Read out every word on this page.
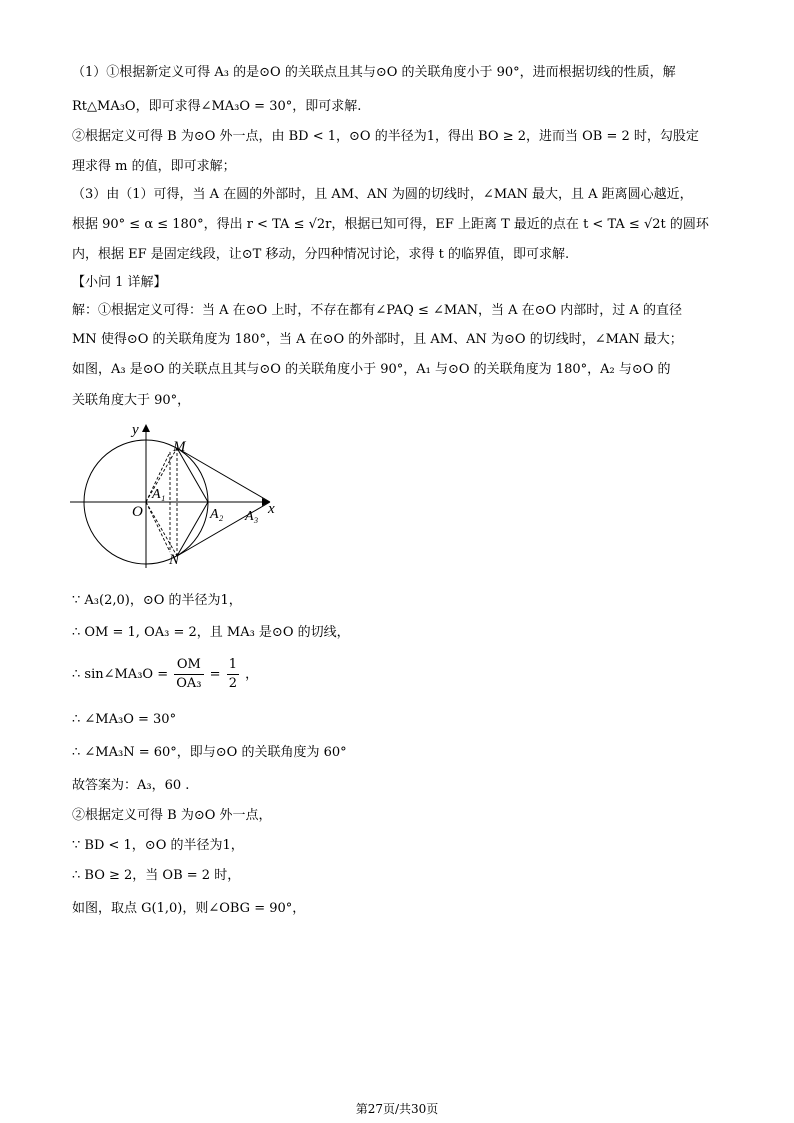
（1）①根据新定义可得 A₃ 的是⊙O 的关联点且其与⊙O 的关联角度小于 90°，进而根据切线的性质，解
Rt△MA₃O，即可求得∠MA₃O = 30°，即可求解.
②根据定义可得 B 为⊙O 外一点，由 BD < 1，⊙O 的半径为1，得出 BO ≥ 2，进而当 OB = 2 时，勾股定
理求得 m 的值，即可求解；
（3）由（1）可得，当 A 在圆的外部时，且 AM、AN 为圆的切线时，∠MAN 最大，且 A 距离圆心越近，
根据 90° ≤ α ≤ 180°，得出 r < TA ≤ √2r，根据已知可得，EF 上距离 T 最近的点在 t < TA ≤ √2t 的圆环
内，根据 EF 是固定线段，让⊙T 移动，分四种情况讨论，求得 t 的临界值，即可求解.
【小问 1 详解】
解：①根据定义可得：当 A 在⊙O 上时，不存在都有∠PAQ ≤ ∠MAN，当 A 在⊙O 内部时，过 A 的直径
MN 使得⊙O 的关联角度为 180°，当 A 在⊙O 的外部时，且 AM、AN 为⊙O 的切线时，∠MAN 最大；
如图，A₃ 是⊙O 的关联点且其与⊙O 的关联角度小于 90°，A₁ 与⊙O 的关联角度为 180°，A₂ 与⊙O 的
关联角度大于 90°，
x
y
M
N
O
A₁
A₂ A₃
∵ A₃(2,0)，⊙O 的半径为1，
∴ OM = 1, OA₃ = 2，且 MA₃ 是⊙O 的切线，
∴ sin∠MA₃O = $\frac{OM}{\text{OA₃}} = \frac{1}{2}$ ，
∴ ∠MA₃O = 30°
∴ ∠MA₃N = 60°，即与⊙O 的关联角度为 60°
故答案为：A₃，60 .
②根据定义可得 B 为⊙O 外一点，
∵ BD < 1，⊙O 的半径为1，
∴ BO ≥ 2，当 OB = 2 时，
如图，取点 G(1,0)，则∠OBG = 90°，
第27页/共30页
